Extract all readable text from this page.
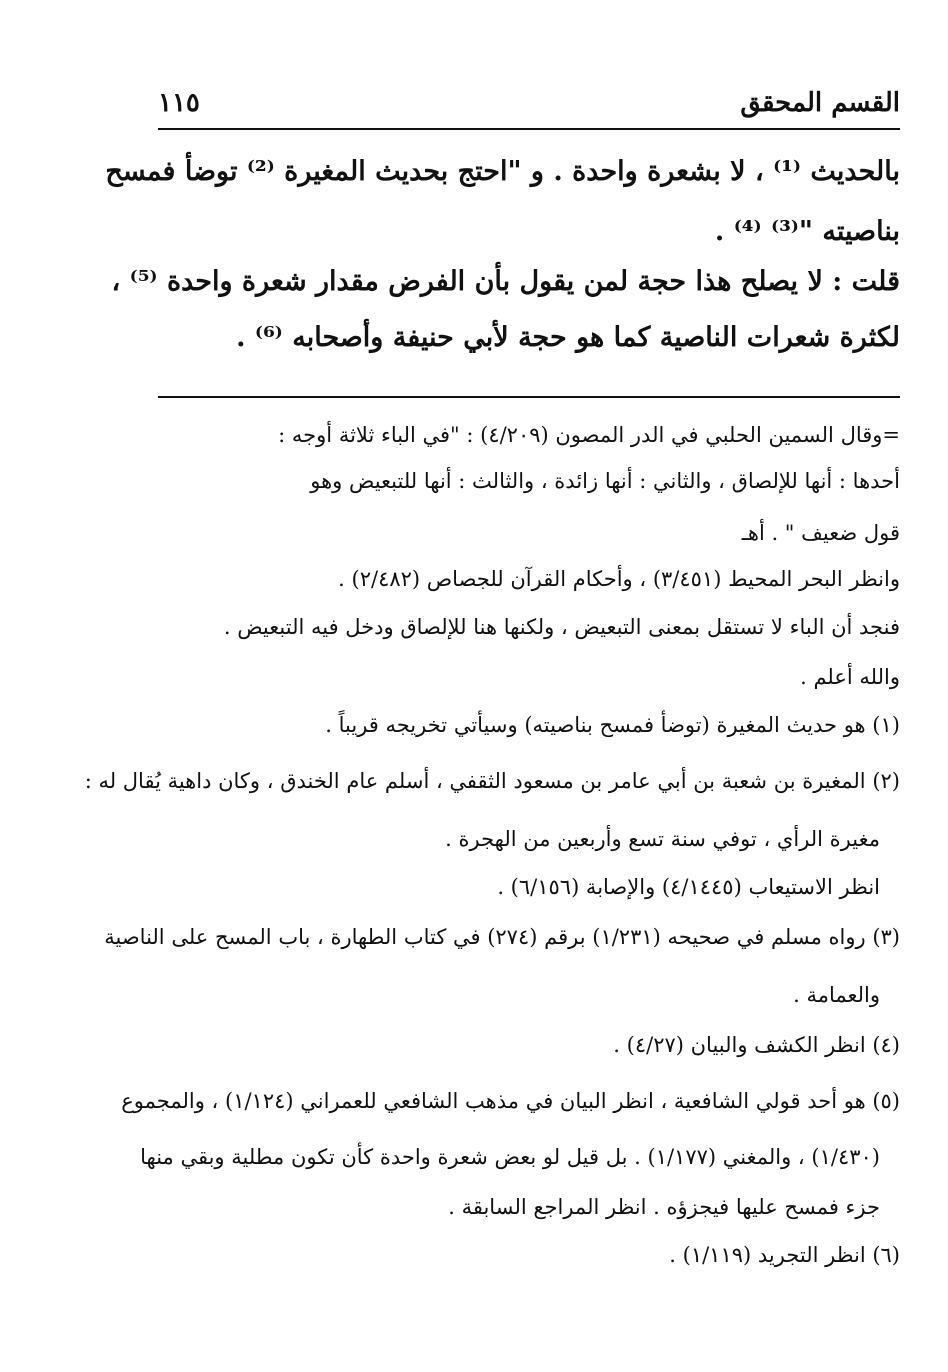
القسم المحقق
١١٥
بالحديث ⁽¹⁾ ، لا بشعرة واحدة . و "احتج بحديث المغيرة ⁽²⁾ توضأ فمسح
بناصيته "⁽³⁾ ⁽⁴⁾ .
قلت : لا يصلح هذا حجة لمن يقول بأن الفرض مقدار شعرة واحدة ⁽⁵⁾ ،
لكثرة شعرات الناصية كما هو حجة لأبي حنيفة وأصحابه ⁽⁶⁾ .
=وقال السمين الحلبي في الدر المصون (٤/٢٠٩) : "في الباء ثلاثة أوجه :
أحدها : أنها للإلصاق ، والثاني : أنها زائدة ، والثالث : أنها للتبعيض وهو
قول ضعيف " . أهـ
وانظر البحر المحيط (٣/٤٥١) ، وأحكام القرآن للجصاص (٢/٤٨٢) .
فنجد أن الباء لا تستقل بمعنى التبعيض ، ولكنها هنا للإلصاق ودخل فيه التبعيض .
والله أعلم .
(١) هو حديث المغيرة (توضأ فمسح بناصيته) وسيأتي تخريجه قريباً .
(٢) المغيرة بن شعبة بن أبي عامر بن مسعود الثقفي ، أسلم عام الخندق ، وكان داهية يُقال له :
مغيرة الرأي ، توفي سنة تسع وأربعين من الهجرة .
انظر الاستيعاب (٤/١٤٤٥) والإصابة (٦/١٥٦) .
(٣) رواه مسلم في صحيحه (١/٢٣١) برقم (٢٧٤) في كتاب الطهارة ، باب المسح على الناصية
والعمامة .
(٤) انظر الكشف والبيان (٤/٢٧) .
(٥) هو أحد قولي الشافعية ، انظر البيان في مذهب الشافعي للعمراني (١/١٢٤) ، والمجموع
(١/٤٣٠) ، والمغني (١/١٧٧) . بل قيل لو بعض شعرة واحدة كأن تكون مطلية وبقي منها
جزء فمسح عليها فيجزؤه . انظر المراجع السابقة .
(٦) انظر التجريد (١/١١٩) .
